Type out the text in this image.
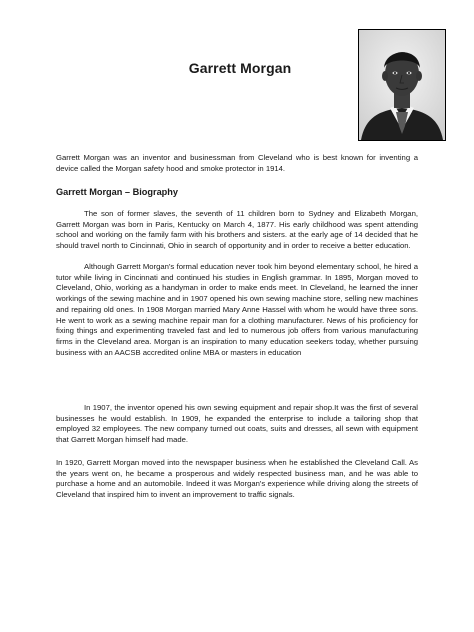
Garrett Morgan

Garrett Morgan was an inventor and businessman from Cleveland who is best known for inventing a device called the Morgan safety hood and smoke protector in 1914.

Garrett Morgan – Biography

The son of former slaves, the seventh of 11 children born to Sydney and Elizabeth Morgan, Garrett Morgan was born in Paris, Kentucky on March 4, 1877. His early childhood was spent attending school and working on the family farm with his brothers and sisters. at the early age of 14 decided that he should travel north to Cincinnati, Ohio in search of opportunity and in order to receive a better education.

Although Garrett Morgan's formal education never took him beyond elementary school, he hired a tutor while living in Cincinnati and continued his studies in English grammar. In 1895, Morgan moved to Cleveland, Ohio, working as a handyman in order to make ends meet. In Cleveland, he learned the inner workings of the sewing machine and in 1907 opened his own sewing machine store, selling new machines and repairing old ones. In 1908 Morgan married Mary Anne Hassel with whom he would have three sons. He went to work as a sewing machine repair man for a clothing manufacturer. News of his proficiency for fixing things and experimenting traveled fast and led to numerous job offers from various manufacturing firms in the Cleveland area. Morgan is an inspiration to many education seekers today, whether pursuing business with an AACSB accredited online MBA or masters in education

In 1907, the inventor opened his own sewing equipment and repair shop.It was the first of several businesses he would establish. In 1909, he expanded the enterprise to include a tailoring shop that employed 32 employees. The new company turned out coats, suits and dresses, all sewn with equipment that Garrett Morgan himself had made.

In 1920, Garrett Morgan moved into the newspaper business when he established the Cleveland Call. As the years went on, he became a prosperous and widely respected business man, and he was able to purchase a home and an automobile. Indeed it was Morgan's experience while driving along the streets of Cleveland that inspired him to invent an improvement to traffic signals.
